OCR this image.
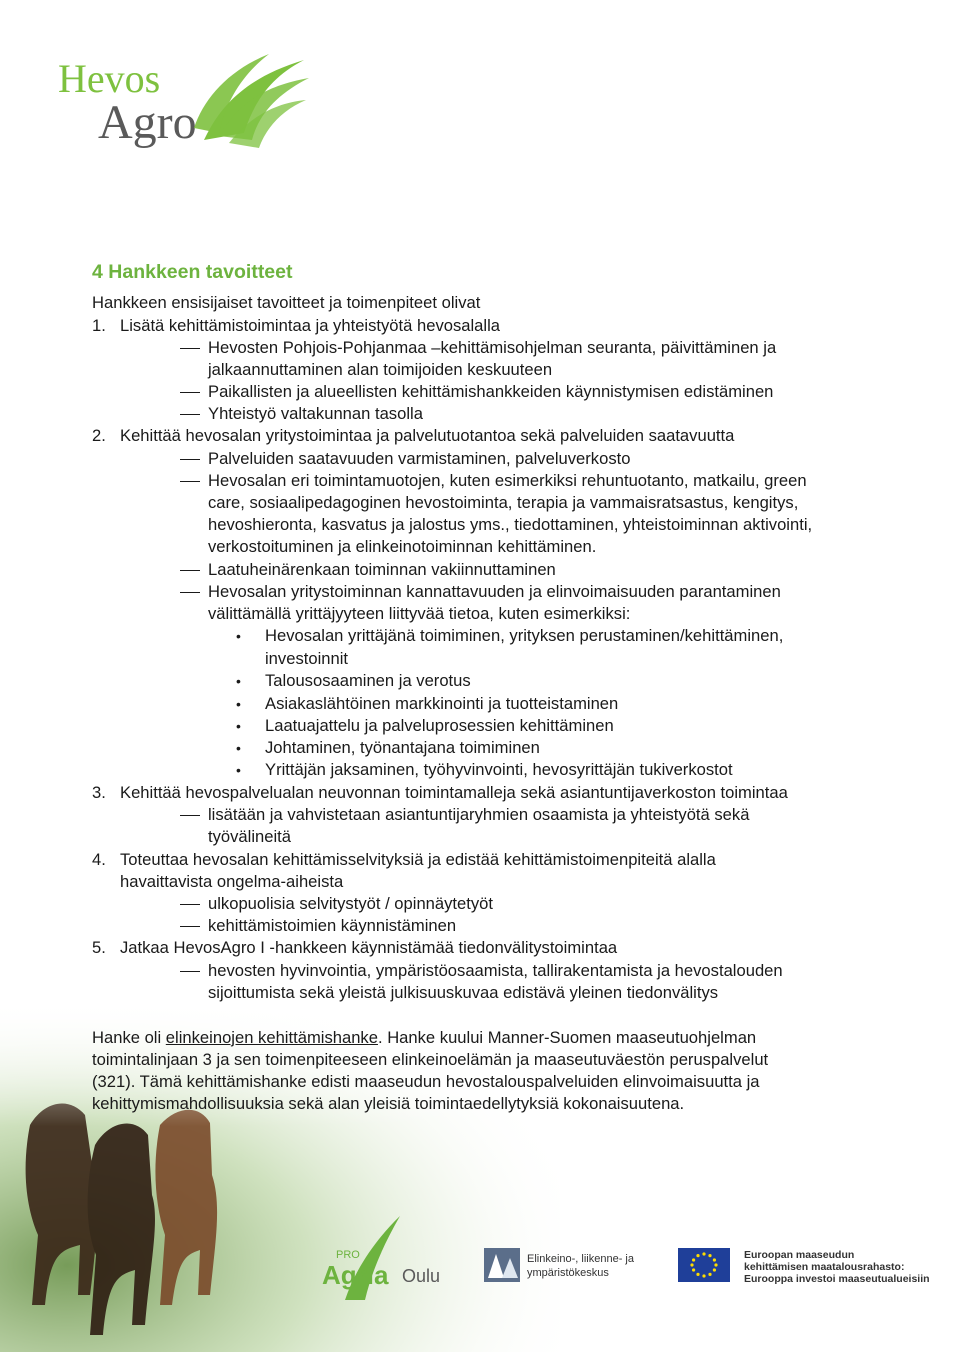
Hevos
Agro
4 Hankkeen tavoitteet
Hankkeen ensisijaiset tavoitteet ja toimenpiteet olivat
1. Lisätä kehittämistoimintaa ja yhteistyötä hevosalalla
Hevosten Pohjois-Pohjanmaa –kehittämisohjelman seuranta, päivittäminen ja
jalkaannuttaminen alan toimijoiden keskuuteen
Paikallisten ja alueellisten kehittämishankkeiden käynnistymisen edistäminen
Yhteistyö valtakunnan tasolla
2. Kehittää hevosalan yritystoimintaa ja palvelutuotantoa sekä palveluiden saatavuutta
Palveluiden saatavuuden varmistaminen, palveluverkosto
Hevosalan eri toimintamuotojen, kuten esimerkiksi rehuntuotanto, matkailu, green
care, sosiaalipedagoginen hevostoiminta, terapia ja vammaisratsastus, kengitys,
hevoshieronta, kasvatus ja jalostus yms., tiedottaminen, yhteistoiminnan aktivointi,
verkostoituminen ja elinkeinotoiminnan kehittäminen.
Laatuheinärenkaan toiminnan vakiinnuttaminen
Hevosalan yritystoiminnan kannattavuuden ja elinvoimaisuuden parantaminen
välittämällä yrittäjyyteen liittyvää tietoa, kuten esimerkiksi:
• Hevosalan yrittäjänä toimiminen, yrityksen perustaminen/kehittäminen,
investoinnit
• Talousosaaminen ja verotus
• Asiakaslähtöinen markkinointi ja tuotteistaminen
• Laatuajattelu ja palveluprosessien kehittäminen
• Johtaminen, työnantajana toimiminen
• Yrittäjän jaksaminen, työhyvinvointi, hevosyrittäjän tukiverkostot
3. Kehittää hevospalvelualan neuvonnan toimintamalleja sekä asiantuntijaverkoston toimintaa
lisätään ja vahvistetaan asiantuntijaryhmien osaamista ja yhteistyötä sekä
työvälineitä
4. Toteuttaa hevosalan kehittämisselvityksiä ja edistää kehittämistoimenpiteitä alalla
havaittavista ongelma-aiheista
ulkopuolisia selvitystyöt / opinnäytetyöt
kehittämistoimien käynnistäminen
5. Jatkaa HevosAgro I -hankkeen käynnistämää tiedonvälitystoimintaa
hevosten hyvinvointia, ympäristöosaamista, tallirakentamista ja hevostalouden
sijoittumista sekä yleistä julkisuuskuvaa edistävä yleinen tiedonvälitys
Hanke oli elinkeinojen kehittämishanke. Hanke kuului Manner-Suomen maaseutuohjelman
toimintalinjaan 3 ja sen toimenpiteeseen elinkeinoelämän ja maaseutuväestön peruspalvelut
(321). Tämä kehittämishanke edisti maaseudun hevostalouspalveluiden elinvoimaisuutta ja
kehittymismahdollisuuksia sekä alan yleisiä toimintaedellytyksiä kokonaisuutena.
PRO
Agria Oulu
Elinkeino-, liikenne- ja
ympäristökeskus
Euroopan maaseudun
kehittämisen maatalousrahasto:
Eurooppa investoi maaseutualueisiin
